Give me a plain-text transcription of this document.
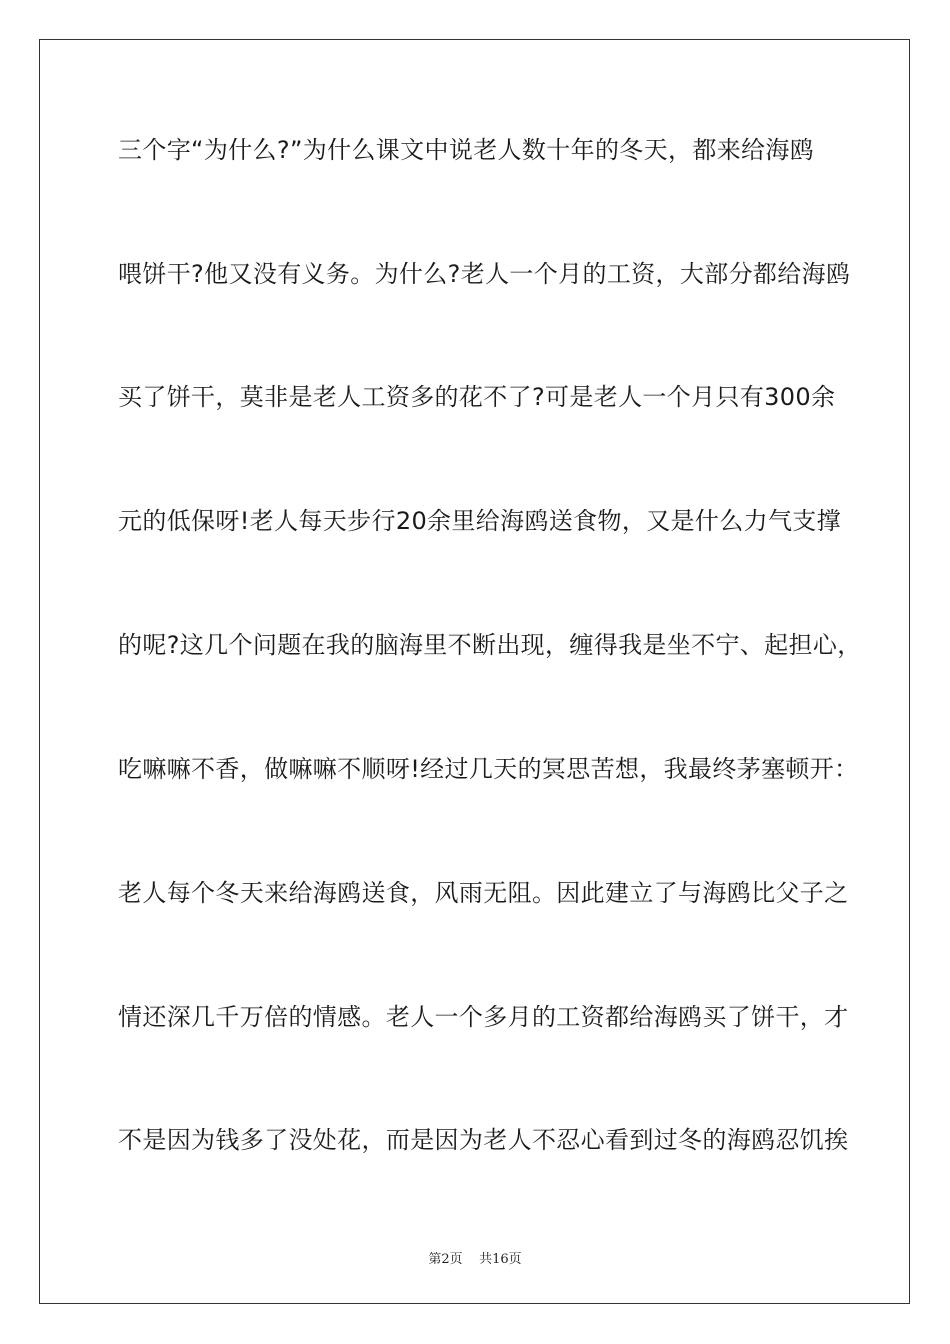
三个字“为什么?”为什么课文中说老人数十年的冬天，都来给海鸥
喂饼干?他又没有义务。为什么?老人一个月的工资，大部分都给海鸥
买了饼干，莫非是老人工资多的花不了?可是老人一个月只有300余
元的低保呀!老人每天步行20余里给海鸥送食物，又是什么力气支撑
的呢?这几个问题在我的脑海里不断出现，缠得我是坐不宁、起担心，
吃嘛嘛不香，做嘛嘛不顺呀!经过几天的冥思苦想，我最终茅塞顿开：
老人每个冬天来给海鸥送食，风雨无阻。因此建立了与海鸥比父子之
情还深几千万倍的情感。老人一个多月的工资都给海鸥买了饼干，才
不是因为钱多了没处花，而是因为老人不忍心看到过冬的海鸥忍饥挨
第2页 共16页
